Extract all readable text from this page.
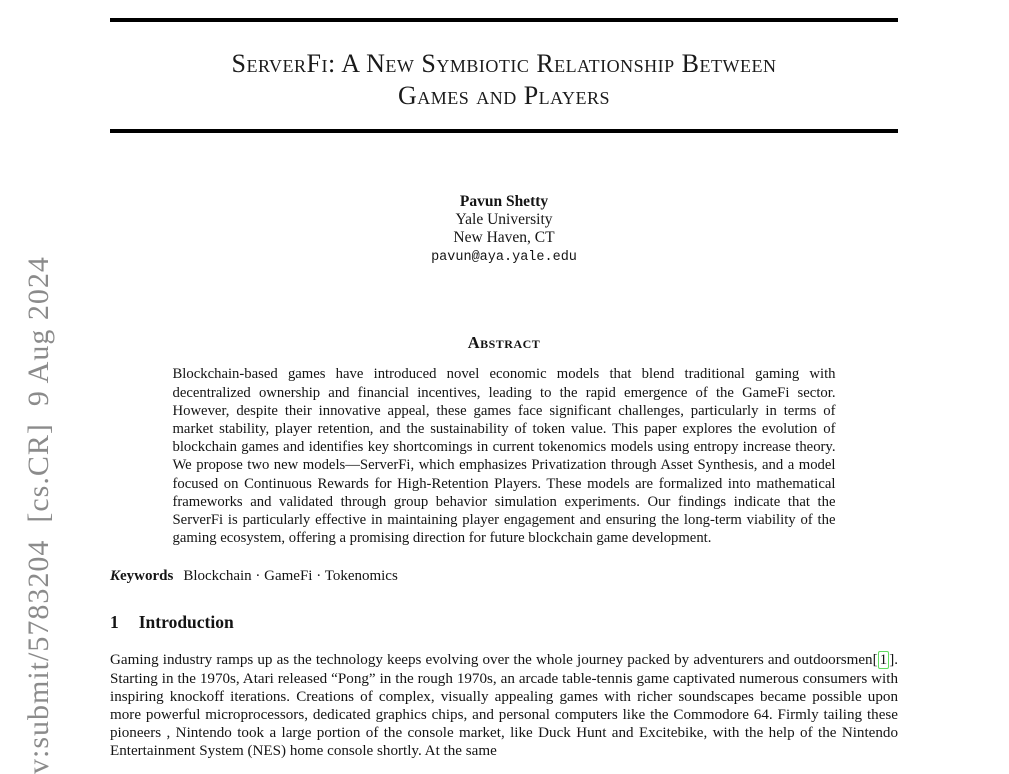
v:submit/5783204  [cs.CR]  9 Aug 2024
ServerFi: A New Symbiotic Relationship Between
Games and Players
Pavun Shetty
Yale University
New Haven, CT
pavun@aya.yale.edu
Abstract
Blockchain-based games have introduced novel economic models that blend traditional gaming with decentralized ownership and financial incentives, leading to the rapid emergence of the GameFi sector. However, despite their innovative appeal, these games face significant challenges, particularly in terms of market stability, player retention, and the sustainability of token value. This paper explores the evolution of blockchain games and identifies key shortcomings in current tokenomics models using entropy increase theory. We propose two new models—ServerFi, which emphasizes Privatization through Asset Synthesis, and a model focused on Continuous Rewards for High-Retention Players. These models are formalized into mathematical frameworks and validated through group behavior simulation experiments. Our findings indicate that the ServerFi is particularly effective in maintaining player engagement and ensuring the long-term viability of the gaming ecosystem, offering a promising direction for future blockchain game development.
Keywords Blockchain · GameFi · Tokenomics
1 Introduction
Gaming industry ramps up as the technology keeps evolving over the whole journey packed by adventurers and outdoorsmen[ 1 ]. Starting in the 1970s, Atari released “Pong” in the rough 1970s, an arcade table-tennis game captivated numerous consumers with inspiring knockoff iterations. Creations of complex, visually appealing games with richer soundscapes became possible upon more powerful microprocessors, dedicated graphics chips, and personal computers like the Commodore 64. Firmly tailing these pioneers , Nintendo took a large portion of the console market, like Duck Hunt and Excitebike, with the help of the Nintendo Entertainment System (NES) home console shortly. At the same
